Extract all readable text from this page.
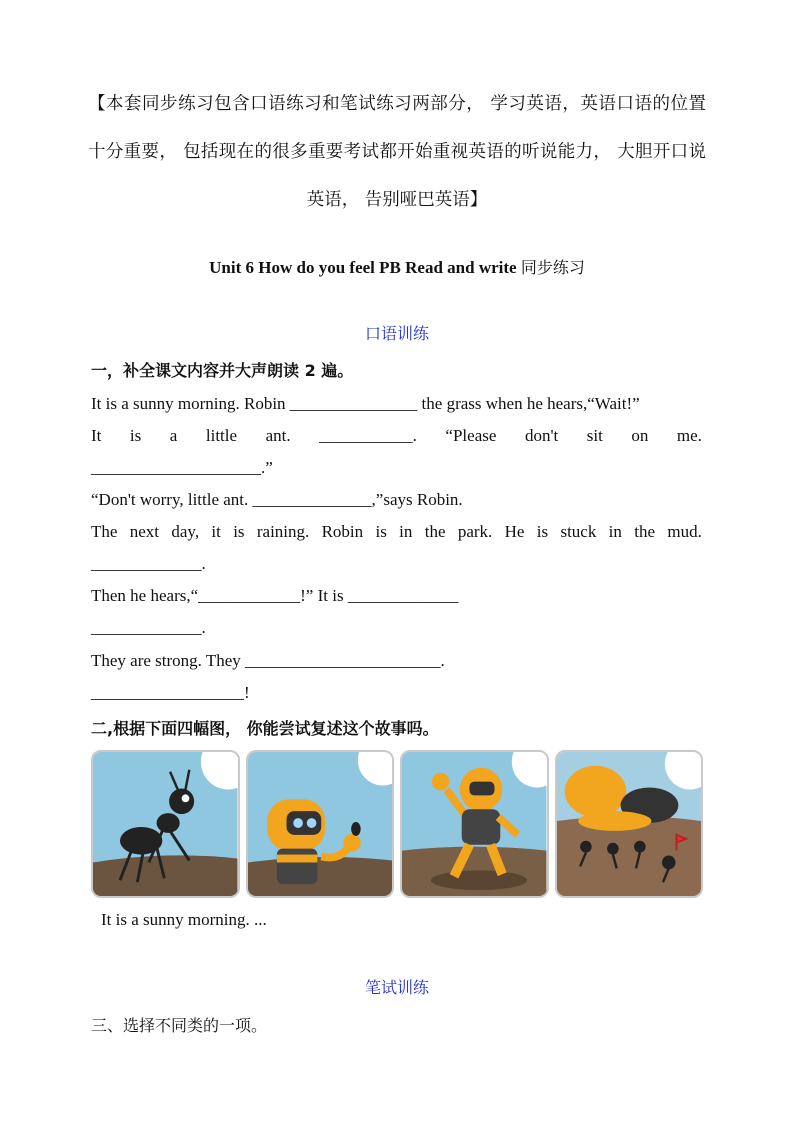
【本套同步练习包含口语练习和笔试练习两部分， 学习英语，英语口语的位置十分重要， 包括现在的很多重要考试都开始重视英语的听说能力， 大胆开口说英语， 告别哑巴英语】
Unit 6 How do you feel PB Read and write 同步练习
口语训练
一，补全课文内容并大声朗读 2 遍。
It is a sunny morning. Robin _______________ the grass when he hears,“Wait!”
It is a little ant. ___________. “Please don't sit on me.
____________________.”
“Don't worry, little ant. ______________,”says Robin.
The next day, it is raining. Robin is in the park. He is stuck in the mud.
_____________.
Then he hears,“____________!” It is _____________
_____________.
They are strong. They _______________________.
__________________!
二,根据下面四幅图， 你能尝试复述这个故事吗。
It is a sunny morning. ...
笔试训练
三、选择不同类的一项。
